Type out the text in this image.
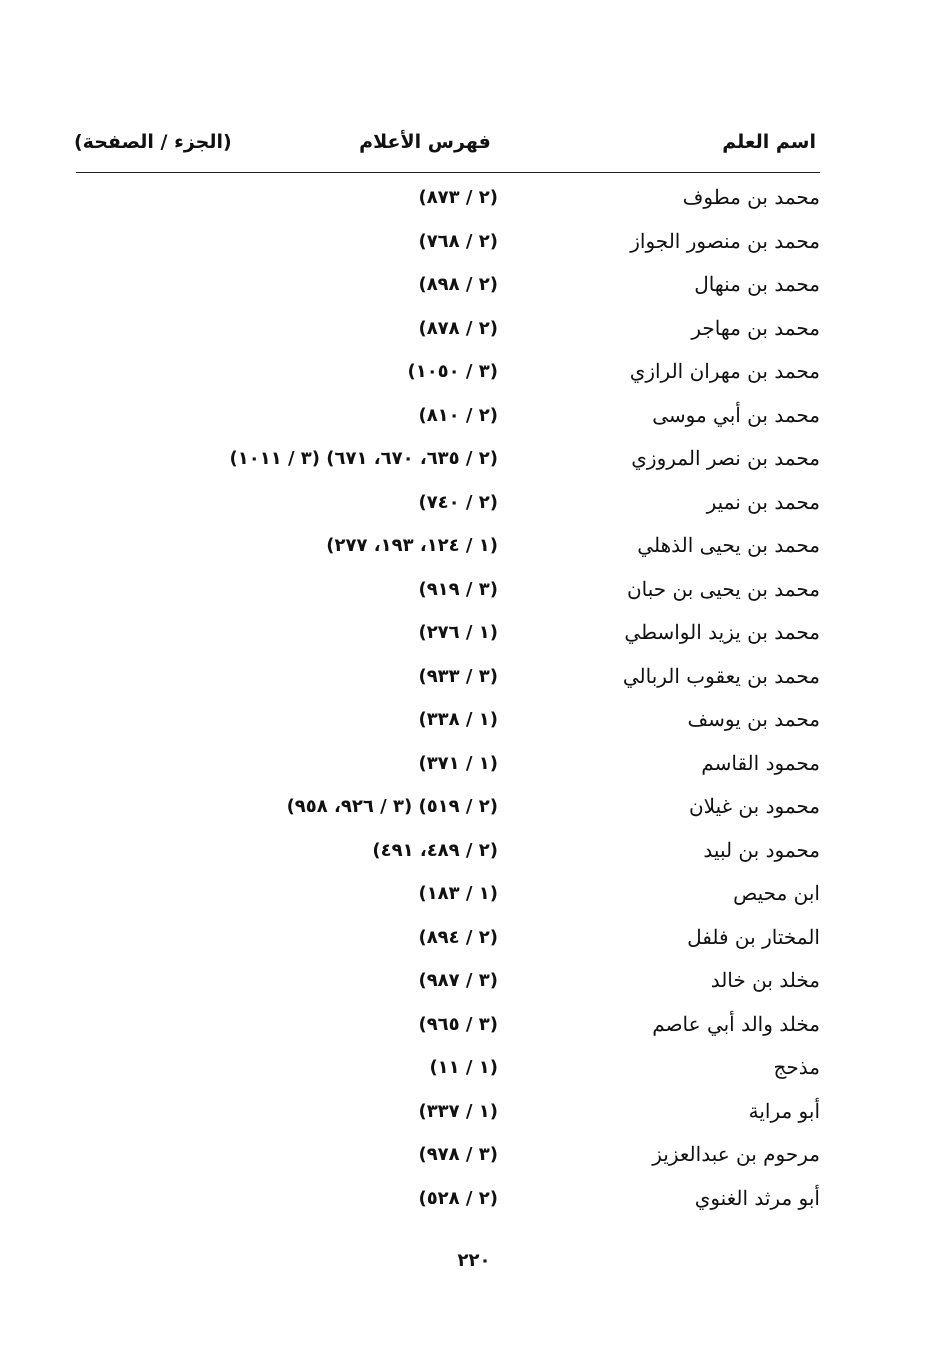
اسم العلم
فهرس الأعلام
(الجزء / الصفحة)
محمد بن مطوف
(٢ / ٨٧٣)
محمد بن منصور الجواز
(٢ / ٧٦٨)
محمد بن منهال
(٢ / ٨٩٨)
محمد بن مهاجر
(٢ / ٨٧٨)
محمد بن مهران الرازي
(٣ / ١٠٥٠)
محمد بن أبي موسى
(٢ / ٨١٠)
محمد بن نصر المروزي
(٢ / ٦٣٥، ٦٧٠، ٦٧١) (٣ / ١٠١١)
محمد بن نمير
(٢ / ٧٤٠)
محمد بن يحيى الذهلي
(١ / ١٢٤، ١٩٣، ٢٧٧)
محمد بن يحيى بن حبان
(٣ / ٩١٩)
محمد بن يزيد الواسطي
(١ / ٢٧٦)
محمد بن يعقوب الربالي
(٣ / ٩٣٣)
محمد بن يوسف
(١ / ٣٣٨)
محمود القاسم
(١ / ٣٧١)
محمود بن غيلان
(٢ / ٥١٩) (٣ / ٩٢٦، ٩٥٨)
محمود بن لبيد
(٢ / ٤٨٩، ٤٩١)
ابن محيص
(١ / ١٨٣)
المختار بن فلفل
(٢ / ٨٩٤)
مخلد بن خالد
(٣ / ٩٨٧)
مخلد والد أبي عاصم
(٣ / ٩٦٥)
مذحج
(١ / ١١)
أبو مراية
(١ / ٣٣٧)
مرحوم بن عبدالعزيز
(٣ / ٩٧٨)
أبو مرثد الغنوي
(٢ / ٥٢٨)
٢٢٠
